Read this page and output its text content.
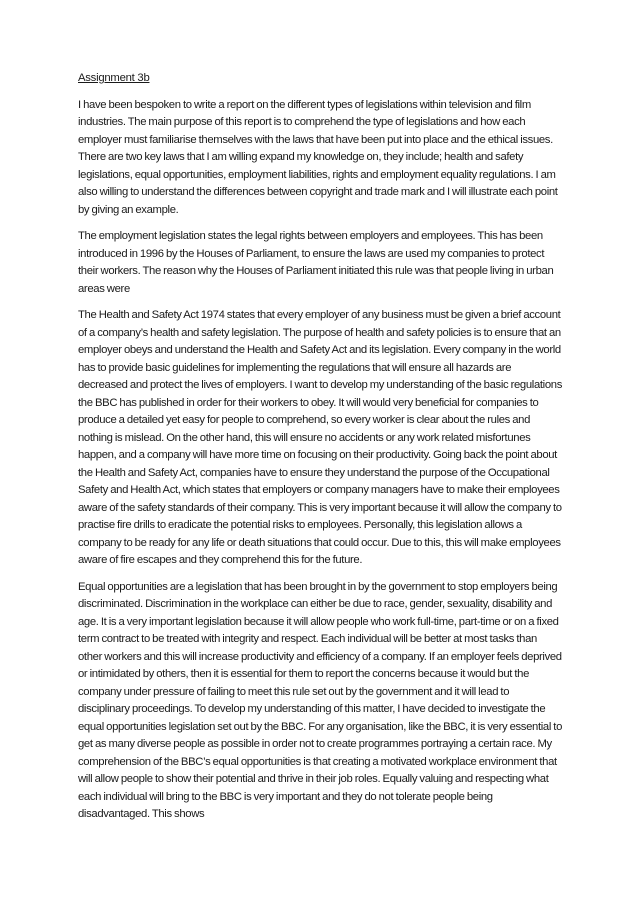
Assignment 3b

I have been bespoken to write a report on the different types of legislations within television and film industries. The main purpose of this report is to comprehend the type of legislations and how each employer must familiarise themselves with the laws that have been put into place and the ethical issues. There are two key laws that I am willing expand my knowledge on, they include; health and safety legislations, equal opportunities, employment liabilities, rights and employment equality regulations. I am also willing to understand the differences between copyright and trade mark and I will illustrate each point by giving an example.

The employment legislation states the legal rights between employers and employees. This has been introduced in 1996 by the Houses of Parliament, to ensure the laws are used my companies to protect their workers. The reason why the Houses of Parliament initiated this rule was that people living in urban areas were

The Health and Safety Act 1974 states that every employer of any business must be given a brief account of a company’s health and safety legislation. The purpose of health and safety policies is to ensure that an employer obeys and understand the Health and Safety Act and its legislation. Every company in the world has to provide basic guidelines for implementing the regulations that will ensure all hazards are decreased and protect the lives of employers. I want to develop my understanding of the basic regulations the BBC has published in order for their workers to obey. It will would very beneficial for companies to produce a detailed yet easy for people to comprehend, so every worker is clear about the rules and nothing is mislead. On the other hand, this will ensure no accidents or any work related misfortunes happen, and a company will have more time on focusing on their productivity. Going back the point about the Health and Safety Act, companies have to ensure they understand the purpose of the Occupational Safety and Health Act, which states that employers or company managers have to make their employees aware of the safety standards of their company. This is very important because it will allow the company to practise fire drills to eradicate the potential risks to employees. Personally, this legislation allows a company to be ready for any life or death situations that could occur. Due to this, this will make employees aware of fire escapes and they comprehend this for the future.

Equal opportunities are a legislation that has been brought in by the government to stop employers being discriminated. Discrimination in the workplace can either be due to race, gender, sexuality, disability and age. It is a very important legislation because it will allow people who work full-time, part-time or on a fixed term contract to be treated with integrity and respect. Each individual will be better at most tasks than other workers and this will increase productivity and efficiency of a company. If an employer feels deprived or intimidated by others, then it is essential for them to report the concerns because it would but the company under pressure of failing to meet this rule set out by the government and it will lead to disciplinary proceedings. To develop my understanding of this matter, I have decided to investigate the equal opportunities legislation set out by the BBC. For any organisation, like the BBC, it is very essential to get as many diverse people as possible in order not to create programmes portraying a certain race. My comprehension of the BBC’s equal opportunities is that creating a motivated workplace environment that will allow people to show their potential and thrive in their job roles. Equally valuing and respecting what each individual will bring to the BBC is very important and they do not tolerate people being disadvantaged. This shows
